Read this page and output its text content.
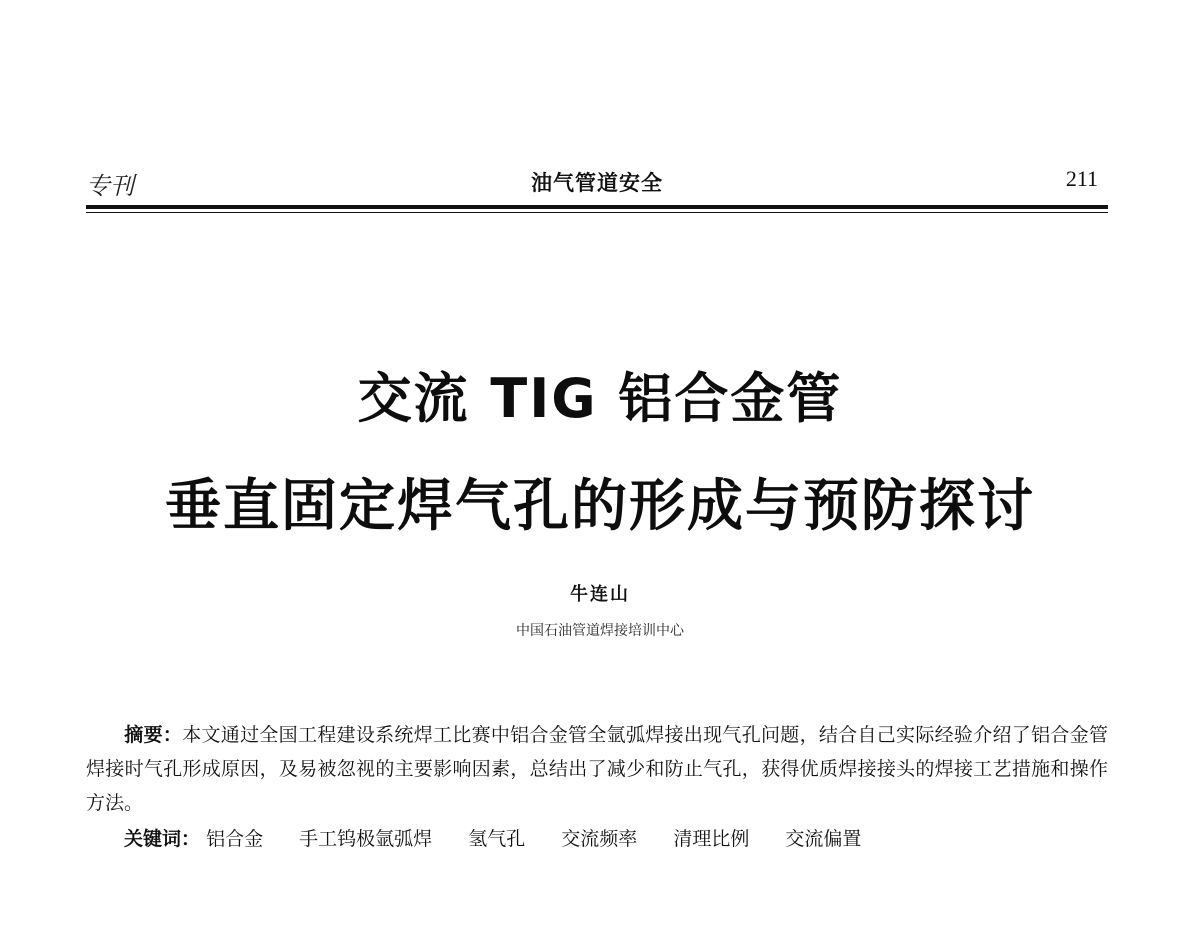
专刊	油气管道安全	211
交流 TIG 铝合金管
垂直固定焊气孔的形成与预防探讨
牛连山
中国石油管道焊接培训中心
摘要：本文通过全国工程建设系统焊工比赛中铝合金管全氩弧焊接出现气孔问题，结合自己实际经验介绍了铝合金管焊接时气孔形成原因，及易被忽视的主要影响因素，总结出了减少和防止气孔，获得优质焊接接头的焊接工艺措施和操作方法。
关键词： 铝合金 手工钨极氩弧焊 氢气孔 交流频率 清理比例 交流偏置
